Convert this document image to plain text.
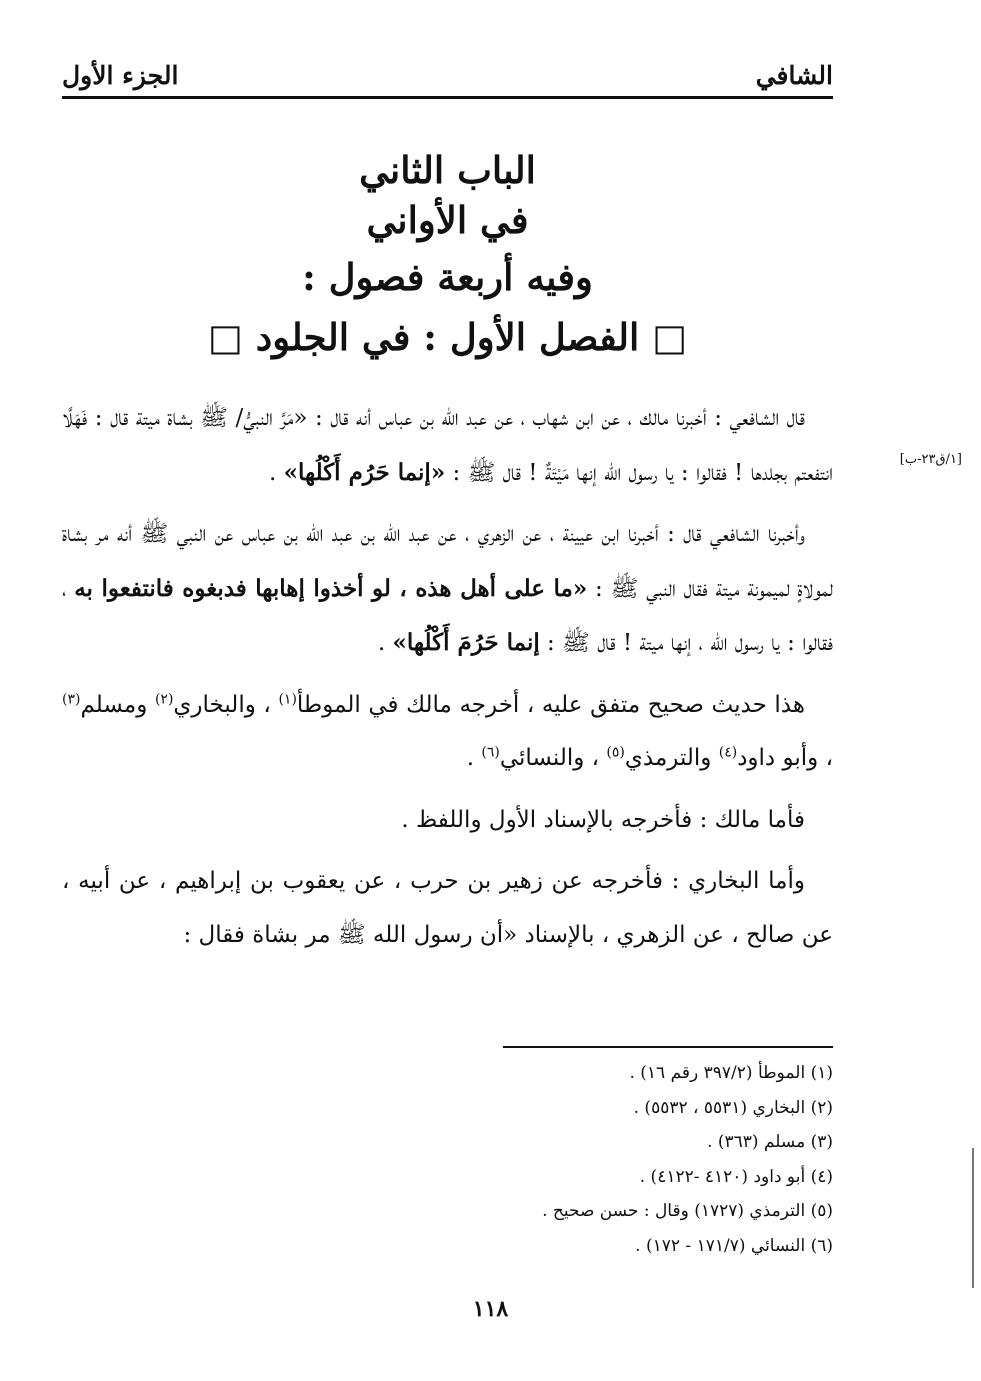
الشافي
الجزء الأول
الباب الثاني
في الأواني
وفيه أربعة فصول :
□ الفصل الأول : في الجلود □
[١/ق٢٣-ب]

قال الشافعي : أخبرنا مالك ، عن ابن شهاب ، عن عبد الله بن عباس أنه قال : «مَرَّ النبيُّ/ ﷺ بشاة ميتة قال : فَهَلَّا انتفعتم بجلدها ! فقالوا : يا رسول الله إنها مَيْتَةٌ ! قال ﷺ : «إنما حَرُم أَكْلُها» .

وأخبرنا الشافعي قال : أخبرنا ابن عيينة ، عن الزهري ، عن عبد الله بن عبد الله بن عباس عن النبي ﷺ أنه مر بشاة لمولاةٍ لميمونة ميتة فقال النبي ﷺ : «ما على أهل هذه ، لو أخذوا إهابها فدبغوه فانتفعوا به ، فقالوا : يا رسول الله ، إنها ميتة ! قال ﷺ : إنما حَرُمَ أَكْلُها» .

هذا حديث صحيح متفق عليه ، أخرجه مالك في الموطأ$^{(١)}$ ، والبخاري$^{(٢)}$ ومسلم$^{(٣)}$ ، وأبو داود$^{(٤)}$ والترمذي$^{(٥)}$ ، والنسائي$^{(٦)}$ .

فأما مالك : فأخرجه بالإسناد الأول واللفظ .

وأما البخاري : فأخرجه عن زهير بن حرب ، عن يعقوب بن إبراهيم ، عن أبيه ، عن صالح ، عن الزهري ، بالإسناد «أن رسول الله ﷺ مر بشاة فقال :

(١) الموطأ (٣٩٧/٢ رقم ١٦) .
(٢) البخاري (٥٥٣١ ، ٥٥٣٢) .
(٣) مسلم (٣٦٣) .
(٤) أبو داود (٤١٢٠ -٤١٢٢) .
(٥) الترمذي (١٧٢٧) وقال : حسن صحيح .
(٦) النسائي (١٧١/٧ - ١٧٢) .
١١٨
